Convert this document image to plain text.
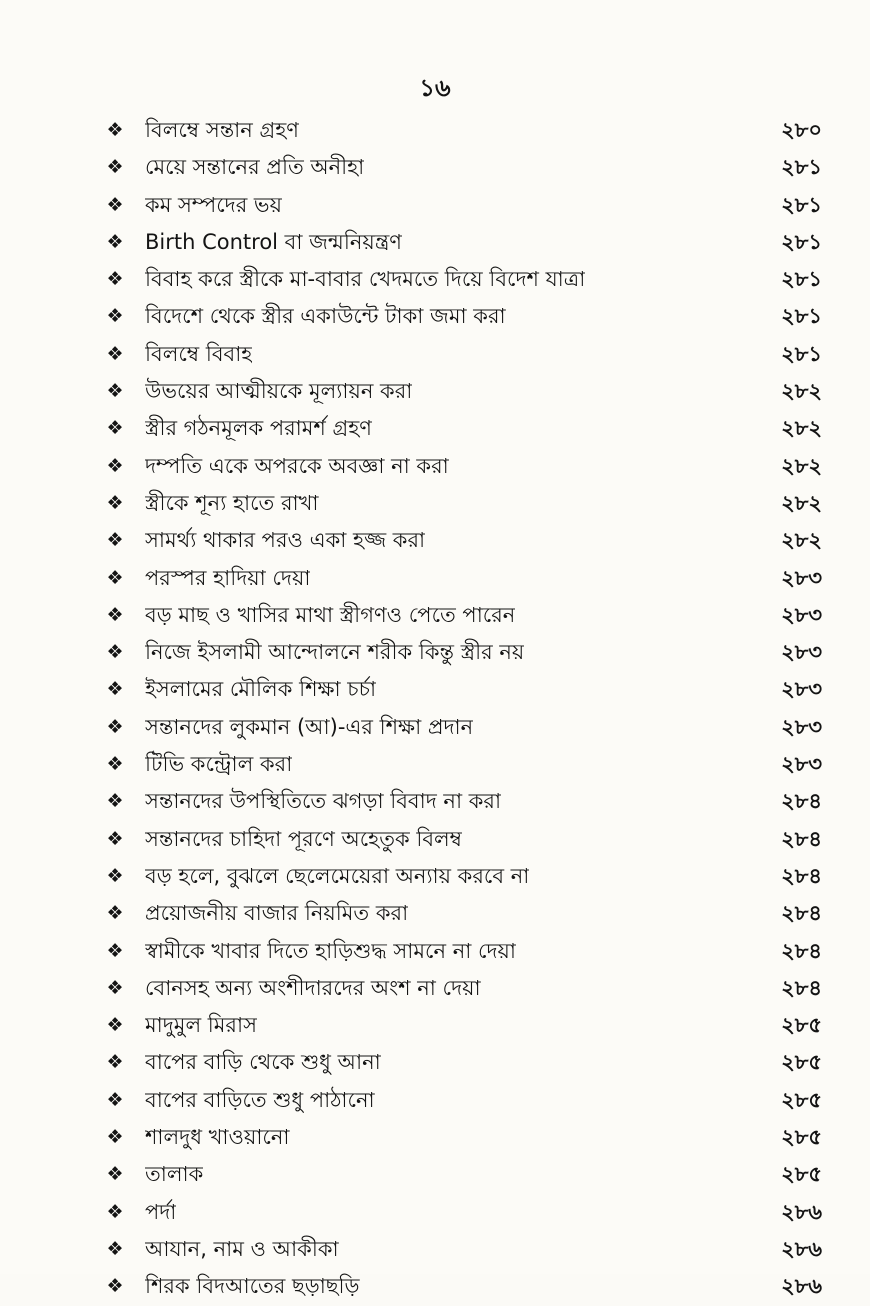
১৬
❖ বিলম্বে সন্তান গ্রহণ	২৮০
❖ মেয়ে সন্তানের প্রতি অনীহা	২৮১
❖ কম সম্পদের ভয়	২৮১
❖ Birth Control বা জন্মনিয়ন্ত্রণ	২৮১
❖ বিবাহ করে স্ত্রীকে মা-বাবার খেদমতে দিয়ে বিদেশ যাত্রা	২৮১
❖ বিদেশে থেকে স্ত্রীর একাউন্টে টাকা জমা করা	২৮১
❖ বিলম্বে বিবাহ	২৮১
❖ উভয়ের আত্মীয়কে মূল্যায়ন করা	২৮২
❖ স্ত্রীর গঠনমূলক পরামর্শ গ্রহণ	২৮২
❖ দম্পতি একে অপরকে অবজ্ঞা না করা	২৮২
❖ স্ত্রীকে শূন্য হাতে রাখা	২৮২
❖ সামর্থ্য থাকার পরও একা হজ্জ করা	২৮২
❖ পরস্পর হাদিয়া দেয়া	২৮৩
❖ বড় মাছ ও খাসির মাথা স্ত্রীগণও পেতে পারেন	২৮৩
❖ নিজে ইসলামী আন্দোলনে শরীক কিন্তু স্ত্রীর নয়	২৮৩
❖ ইসলামের মৌলিক শিক্ষা চর্চা	২৮৩
❖ সন্তানদের লুকমান (আ)-এর শিক্ষা প্রদান	২৮৩
❖ টিভি কন্ট্রোল করা	২৮৩
❖ সন্তানদের উপস্থিতিতে ঝগড়া বিবাদ না করা	২৮৪
❖ সন্তানদের চাহিদা পূরণে অহেতুক বিলম্ব	২৮৪
❖ বড় হলে, বুঝলে ছেলেমেয়েরা অন্যায় করবে না	২৮৪
❖ প্রয়োজনীয় বাজার নিয়মিত করা	২৮৪
❖ স্বামীকে খাবার দিতে হাড়িশুদ্ধ সামনে না দেয়া	২৮৪
❖ বোনসহ অন্য অংশীদারদের অংশ না দেয়া	২৮৪
❖ মাদুমুল মিরাস	২৮৫
❖ বাপের বাড়ি থেকে শুধু আনা	২৮৫
❖ বাপের বাড়িতে শুধু পাঠানো	২৮৫
❖ শালদুধ খাওয়ানো	২৮৫
❖ তালাক	২৮৫
❖ পর্দা	২৮৬
❖ আযান, নাম ও আকীকা	২৮৬
❖ শিরক বিদআতের ছড়াছড়ি	২৮৬
